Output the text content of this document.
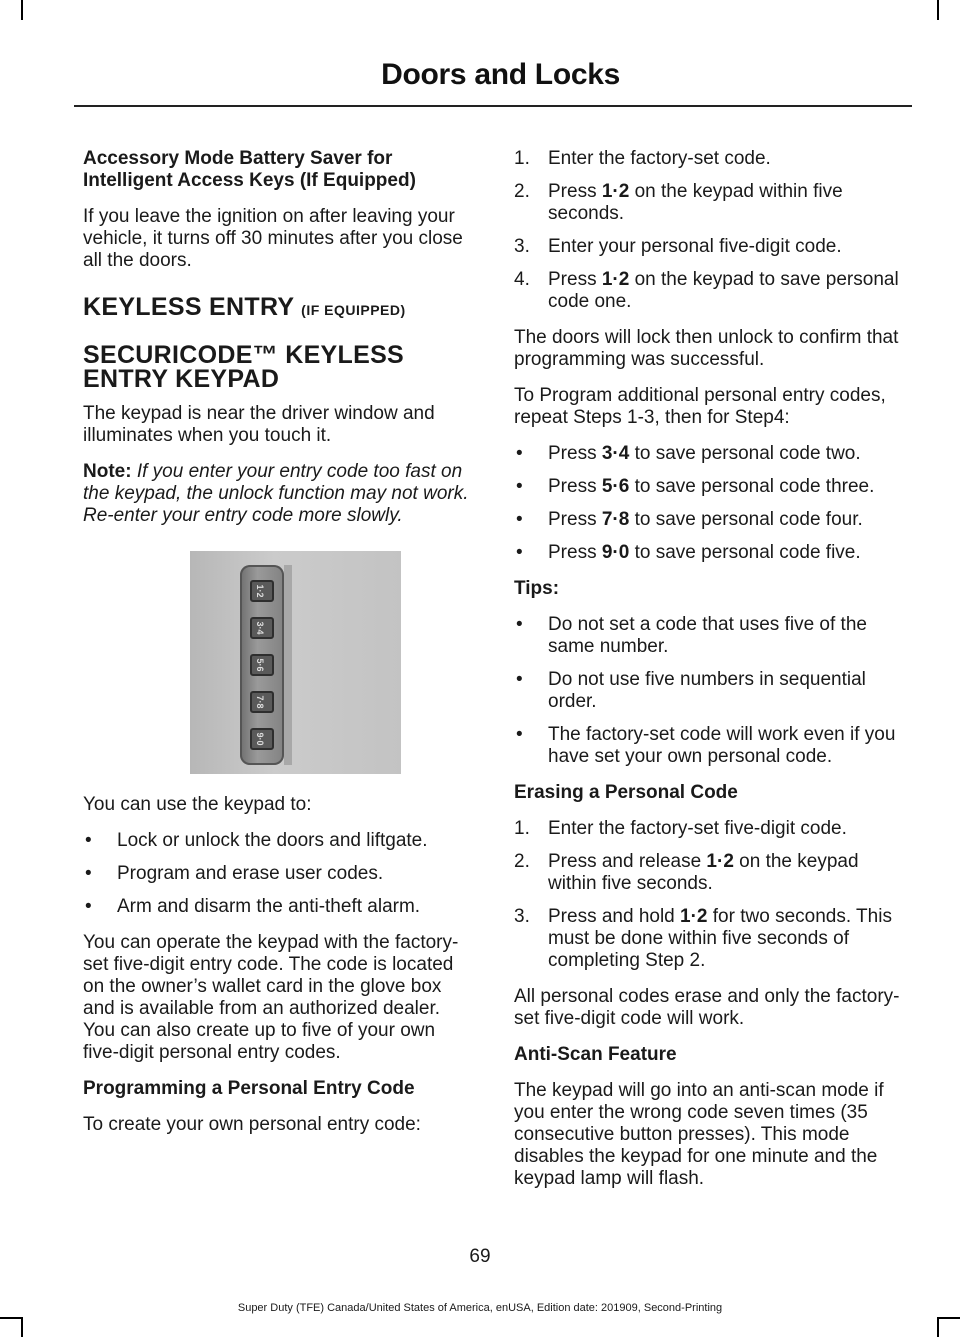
Doors and Locks
Accessory Mode Battery Saver for Intelligent Access Keys (If Equipped)

If you leave the ignition on after leaving your vehicle, it turns off 30 minutes after you close all the doors.

KEYLESS ENTRY (IF EQUIPPED)
SECURICODE™ KEYLESS ENTRY KEYPAD

The keypad is near the driver window and illuminates when you touch it.

Note: If you enter your entry code too fast on the keypad, the unlock function may not work. Re-enter your entry code more slowly.

1·2
3·4
5·6
7·8
9·0

You can use the keypad to:

• Lock or unlock the doors and liftgate.
• Program and erase user codes.
• Arm and disarm the anti-theft alarm.

You can operate the keypad with the factory-set five-digit entry code. The code is located on the owner’s wallet card in the glove box and is available from an authorized dealer. You can also create up to five of your own five-digit personal entry codes.

Programming a Personal Entry Code

To create your own personal entry code:

1. Enter the factory-set code.
2. Press 1·2 on the keypad within five seconds.
3. Enter your personal five-digit code.
4. Press 1·2 on the keypad to save personal code one.

The doors will lock then unlock to confirm that programming was successful.

To Program additional personal entry codes, repeat Steps 1-3, then for Step4:

• Press 3·4 to save personal code two.
• Press 5·6 to save personal code three.
• Press 7·8 to save personal code four.
• Press 9·0 to save personal code five.
Tips:
• Do not set a code that uses five of the same number.
• Do not use five numbers in sequential order.
• The factory-set code will work even if you have set your own personal code.
Erasing a Personal Code
1. Enter the factory-set five-digit code.
2. Press and release 1·2 on the keypad within five seconds.
3. Press and hold 1·2 for two seconds. This must be done within five seconds of completing Step 2.

All personal codes erase and only the factory-set five-digit code will work.

Anti-Scan Feature

The keypad will go into an anti-scan mode if you enter the wrong code seven times (35 consecutive button presses). This mode disables the keypad for one minute and the keypad lamp will flash.

69
Super Duty (TFE) Canada/United States of America, enUSA, Edition date: 201909, Second-Printing
